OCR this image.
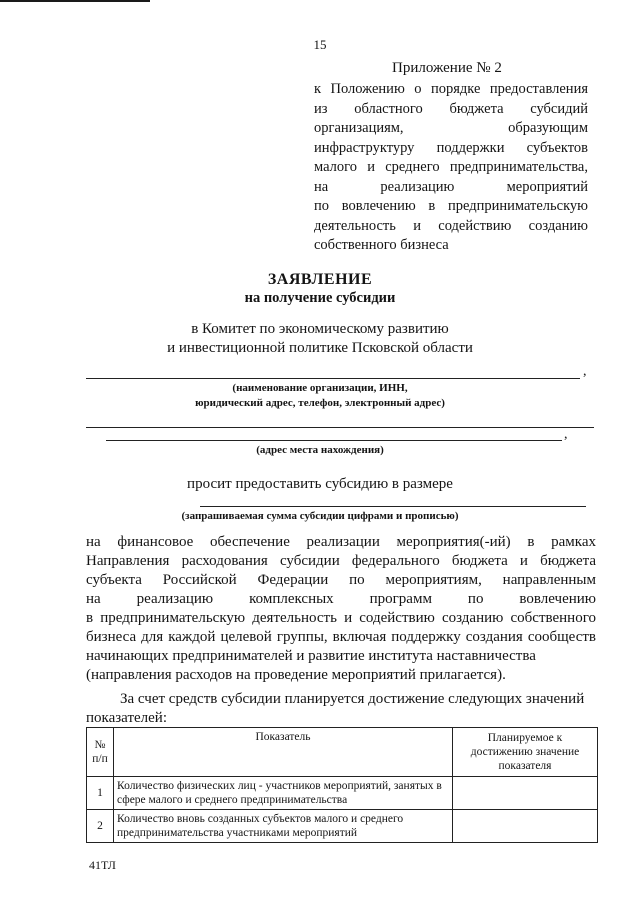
15
Приложение № 2
к Положению о порядке предоставления
из областного бюджета субсидий
организациям, образующим
инфраструктуру поддержки субъектов
малого и среднего предпринимательства,
на реализацию мероприятий
по вовлечению в предпринимательскую
деятельность и содействию созданию
собственного бизнеса
ЗАЯВЛЕНИЕ
на получение субсидии
в Комитет по экономическому развитию
и инвестиционной политике Псковской области
,
(наименование организации, ИНН,
юридический адрес, телефон, электронный адрес)
,
(адрес места нахождения)
просит предоставить субсидию в размере
(запрашиваемая сумма субсидии цифрами и прописью)
на финансовое обеспечение реализации мероприятия(-ий) в рамках
Направления расходования субсидии федерального бюджета и бюджета
субъекта Российской Федерации по мероприятиям, направленным
на реализацию комплексных программ по вовлечению
в предпринимательскую деятельность и содействию созданию собственного
бизнеса для каждой целевой группы, включая поддержку создания сообществ
начинающих предпринимателей и развитие института наставничества
(направления расходов на проведение мероприятий прилагается).
За счет средств субсидии планируется достижение следующих значений
показателей:
№ п/п	Показатель	Планируемое к достижению значение показателя
1	Количество физических лиц - участников мероприятий, занятых в сфере малого и среднего предпринимательства	
2	Количество вновь созданных субъектов малого и среднего предпринимательства участниками мероприятий	
41ТЛ
